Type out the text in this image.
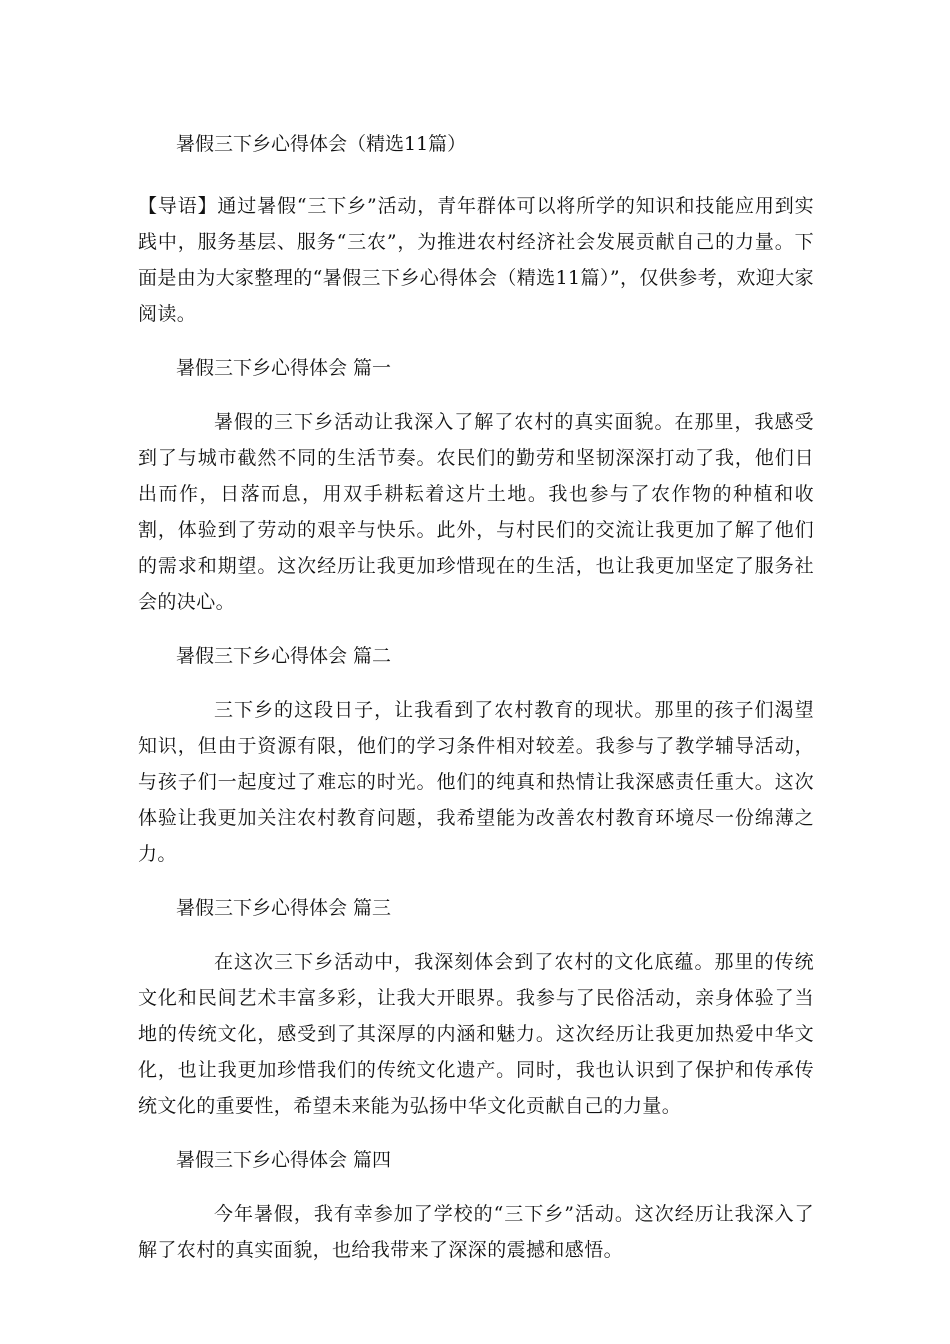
暑假三下乡心得体会（精选11篇）

【导语】通过暑假“三下乡”活动，青年群体可以将所学的知识和技能应用到实践中，服务基层、服务“三农”，为推进农村经济社会发展贡献自己的力量。下面是由为大家整理的“暑假三下乡心得体会（精选11篇）”，仅供参考，欢迎大家阅读。

暑假三下乡心得体会 篇一

暑假的三下乡活动让我深入了解了农村的真实面貌。在那里，我感受到了与城市截然不同的生活节奏。农民们的勤劳和坚韧深深打动了我，他们日出而作，日落而息，用双手耕耘着这片土地。我也参与了农作物的种植和收割，体验到了劳动的艰辛与快乐。此外，与村民们的交流让我更加了解了他们的需求和期望。这次经历让我更加珍惜现在的生活，也让我更加坚定了服务社会的决心。

暑假三下乡心得体会 篇二

三下乡的这段日子，让我看到了农村教育的现状。那里的孩子们渴望知识，但由于资源有限，他们的学习条件相对较差。我参与了教学辅导活动，与孩子们一起度过了难忘的时光。他们的纯真和热情让我深感责任重大。这次体验让我更加关注农村教育问题，我希望能为改善农村教育环境尽一份绵薄之力。

暑假三下乡心得体会 篇三

在这次三下乡活动中，我深刻体会到了农村的文化底蕴。那里的传统文化和民间艺术丰富多彩，让我大开眼界。我参与了民俗活动，亲身体验了当地的传统文化，感受到了其深厚的内涵和魅力。这次经历让我更加热爱中华文化，也让我更加珍惜我们的传统文化遗产。同时，我也认识到了保护和传承传统文化的重要性，希望未来能为弘扬中华文化贡献自己的力量。

暑假三下乡心得体会 篇四

今年暑假，我有幸参加了学校的“三下乡”活动。这次经历让我深入了解了农村的真实面貌，也给我带来了深深的震撼和感悟。
